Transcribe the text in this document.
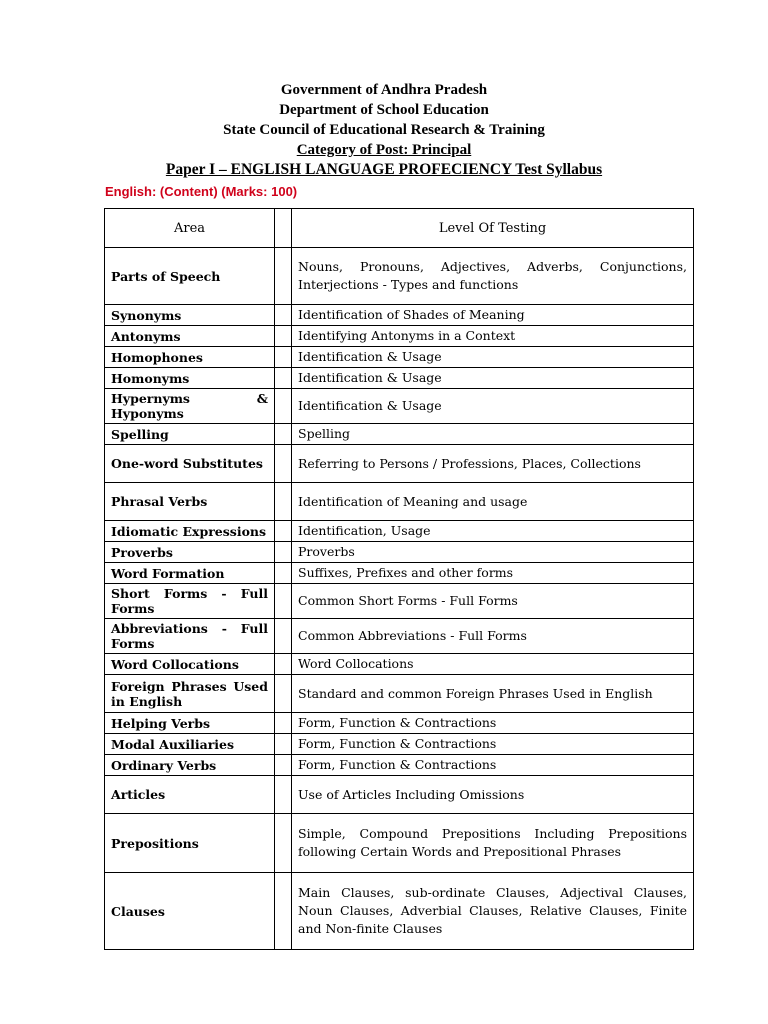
Government of Andhra Pradesh
Department of School Education
State Council of Educational Research & Training
Category of Post: Principal
Paper I – ENGLISH LANGUAGE PROFECIENCY Test Syllabus
English: (Content) (Marks: 100)
Area		Level Of Testing
Parts of Speech		Nouns, Pronouns, Adjectives, Adverbs, Conjunctions, Interjections - Types and functions
Synonyms		Identification of Shades of Meaning
Antonyms		Identifying Antonyms in a Context
Homophones		Identification & Usage
Homonyms		Identification & Usage
Hypernyms & Hyponyms		Identification & Usage
Spelling		Spelling
One-word Substitutes		Referring to Persons / Professions, Places, Collections
Phrasal Verbs		Identification of Meaning and usage
Idiomatic Expressions		Identification, Usage
Proverbs		Proverbs
Word Formation		Suffixes, Prefixes and other forms
Short Forms - Full Forms		Common Short Forms - Full Forms
Abbreviations - Full Forms		Common Abbreviations - Full Forms
Word Collocations		Word Collocations
Foreign Phrases Used in English		Standard and common Foreign Phrases Used in English
Helping Verbs		Form, Function & Contractions
Modal Auxiliaries		Form, Function & Contractions
Ordinary Verbs		Form, Function & Contractions
Articles		Use of Articles Including Omissions
Prepositions		Simple, Compound Prepositions Including Prepositions following Certain Words and Prepositional Phrases
Clauses		Main Clauses, sub-ordinate Clauses, Adjectival Clauses, Noun Clauses, Adverbial Clauses, Relative Clauses, Finite and Non-finite Clauses
